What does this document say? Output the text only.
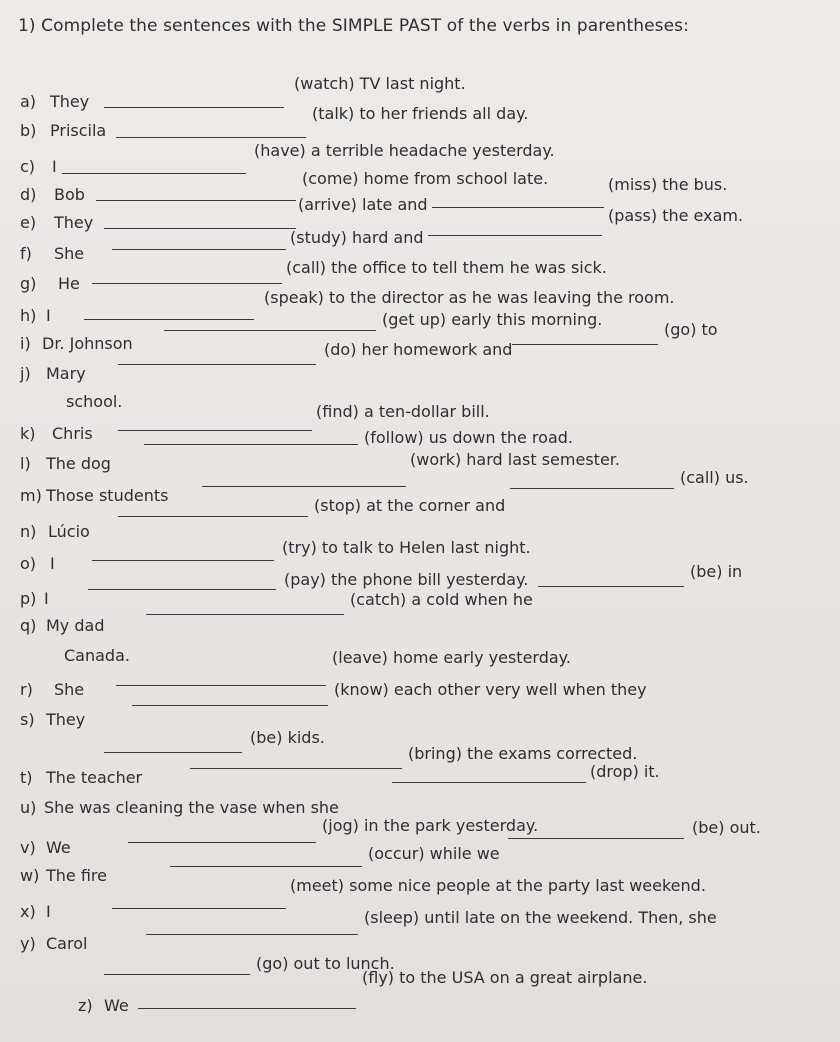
1) Complete the sentences with the SIMPLE PAST of the verbs in parentheses:
a) They
(watch) TV last night.
b) Priscila
(talk) to her friends all day.
c) I
(have) a terrible headache yesterday.
d) Bob
(come) home from school late.
e) They
(arrive) late and
(miss) the bus.
f) She
(study) hard and
(pass) the exam.
g) He
(call) the office to tell them he was sick.
h) I
(speak) to the director as he was leaving the room.
i) Dr. Johnson
(get up) early this morning.
j) Mary
(do) her homework and
(go) to
school.
k) Chris
(find) a ten-dollar bill.
l) The dog
(follow) us down the road.
m) Those students
(work) hard last semester.
n) Lúcio
(stop) at the corner and
(call) us.
o) I
(try) to talk to Helen last night.
p) I
(pay) the phone bill yesterday.
q) My dad
(catch) a cold when he
(be) in
Canada.
r) She
(leave) home early yesterday.
s) They
(know) each other very well when they
(be) kids.
t) The teacher
(bring) the exams corrected.
u) She was cleaning the vase when she
(drop) it.
v) We
(jog) in the park yesterday.
w) The fire
(occur) while we
(be) out.
x) I
(meet) some nice people at the party last weekend.
y) Carol
(sleep) until late on the weekend. Then, she
(go) out to lunch.
z) We
(fly) to the USA on a great airplane.
